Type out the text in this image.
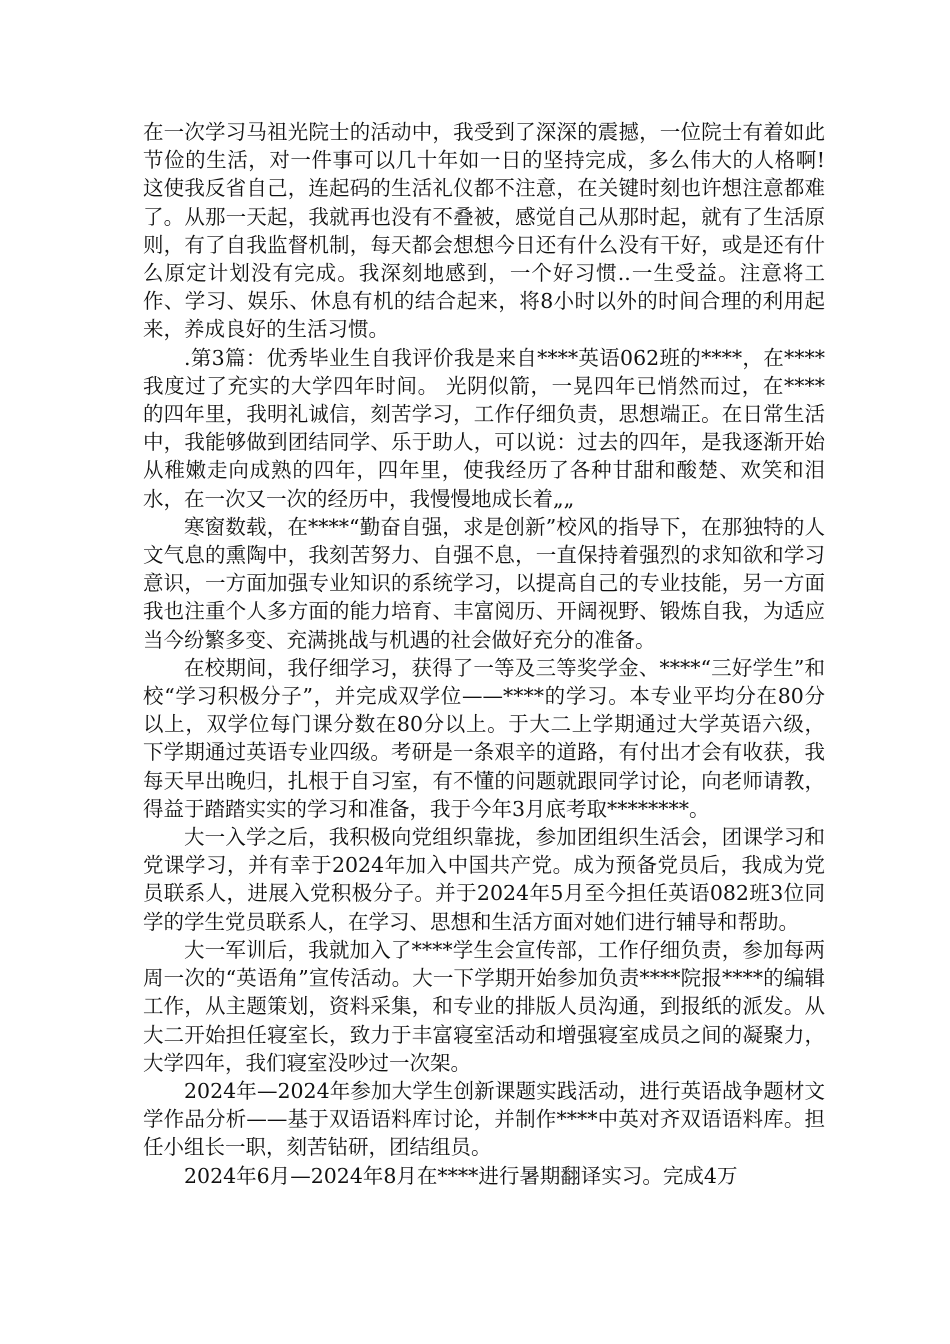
在一次学习马祖光院士的活动中，我受到了深深的震撼，一位院士有着如此节俭的生活，对一件事可以几十年如一日的坚持完成，多么伟大的人格啊!这使我反省自己，连起码的生活礼仪都不注意，在关键时刻也许想注意都难了。从那一天起，我就再也没有不叠被，感觉自己从那时起，就有了生活原则，有了自我监督机制，每天都会想想今日还有什么没有干好，或是还有什么原定计划没有完成。我深刻地感到，一个好习惯..一生受益。注意将工作、学习、娱乐、休息有机的结合起来，将8小时以外的时间合理的利用起来，养成良好的生活习惯。

.第3篇：优秀毕业生自我评价我是来自****英语062班的****，在****我度过了充实的大学四年时间。 光阴似箭，一晃四年已悄然而过，在****的四年里，我明礼诚信，刻苦学习，工作仔细负责，思想端正。在日常生活中，我能够做到团结同学、乐于助人，可以说：过去的四年，是我逐渐开始从稚嫩走向成熟的四年，四年里，使我经历了各种甘甜和酸楚、欢笑和泪水，在一次又一次的经历中，我慢慢地成长着„„

寒窗数载，在****“勤奋自强，求是创新”校风的指导下，在那独特的人文气息的熏陶中，我刻苦努力、自强不息，一直保持着强烈的求知欲和学习意识，一方面加强专业知识的系统学习，以提高自己的专业技能，另一方面我也注重个人多方面的能力培育、丰富阅历、开阔视野、锻炼自我，为适应当今纷繁多变、充满挑战与机遇的社会做好充分的准备。

在校期间，我仔细学习，获得了一等及三等奖学金、****“三好学生”和校“学习积极分子”，并完成双学位——****的学习。本专业平均分在80分以上，双学位每门课分数在80分以上。于大二上学期通过大学英语六级，下学期通过英语专业四级。考研是一条艰辛的道路，有付出才会有收获，我每天早出晚归，扎根于自习室，有不懂的问题就跟同学讨论，向老师请教，得益于踏踏实实的学习和准备，我于今年3月底考取********。

大一入学之后，我积极向党组织靠拢，参加团组织生活会，团课学习和党课学习，并有幸于2024年加入中国共产党。成为预备党员后，我成为党员联系人，进展入党积极分子。并于2024年5月至今担任英语082班3位同学的学生党员联系人，在学习、思想和生活方面对她们进行辅导和帮助。

大一军训后，我就加入了****学生会宣传部，工作仔细负责，参加每两周一次的“英语角”宣传活动。大一下学期开始参加负责****院报****的编辑工作，从主题策划，资料采集，和专业的排版人员沟通，到报纸的派发。从大二开始担任寝室长，致力于丰富寝室活动和增强寝室成员之间的凝聚力，大学四年，我们寝室没吵过一次架。

2024年—2024年参加大学生创新课题实践活动，进行英语战争题材文学作品分析——基于双语语料库讨论，并制作****中英对齐双语语料库。担任小组长一职，刻苦钻研，团结组员。

2024年6月—2024年8月在****进行暑期翻译实习。完成4万
